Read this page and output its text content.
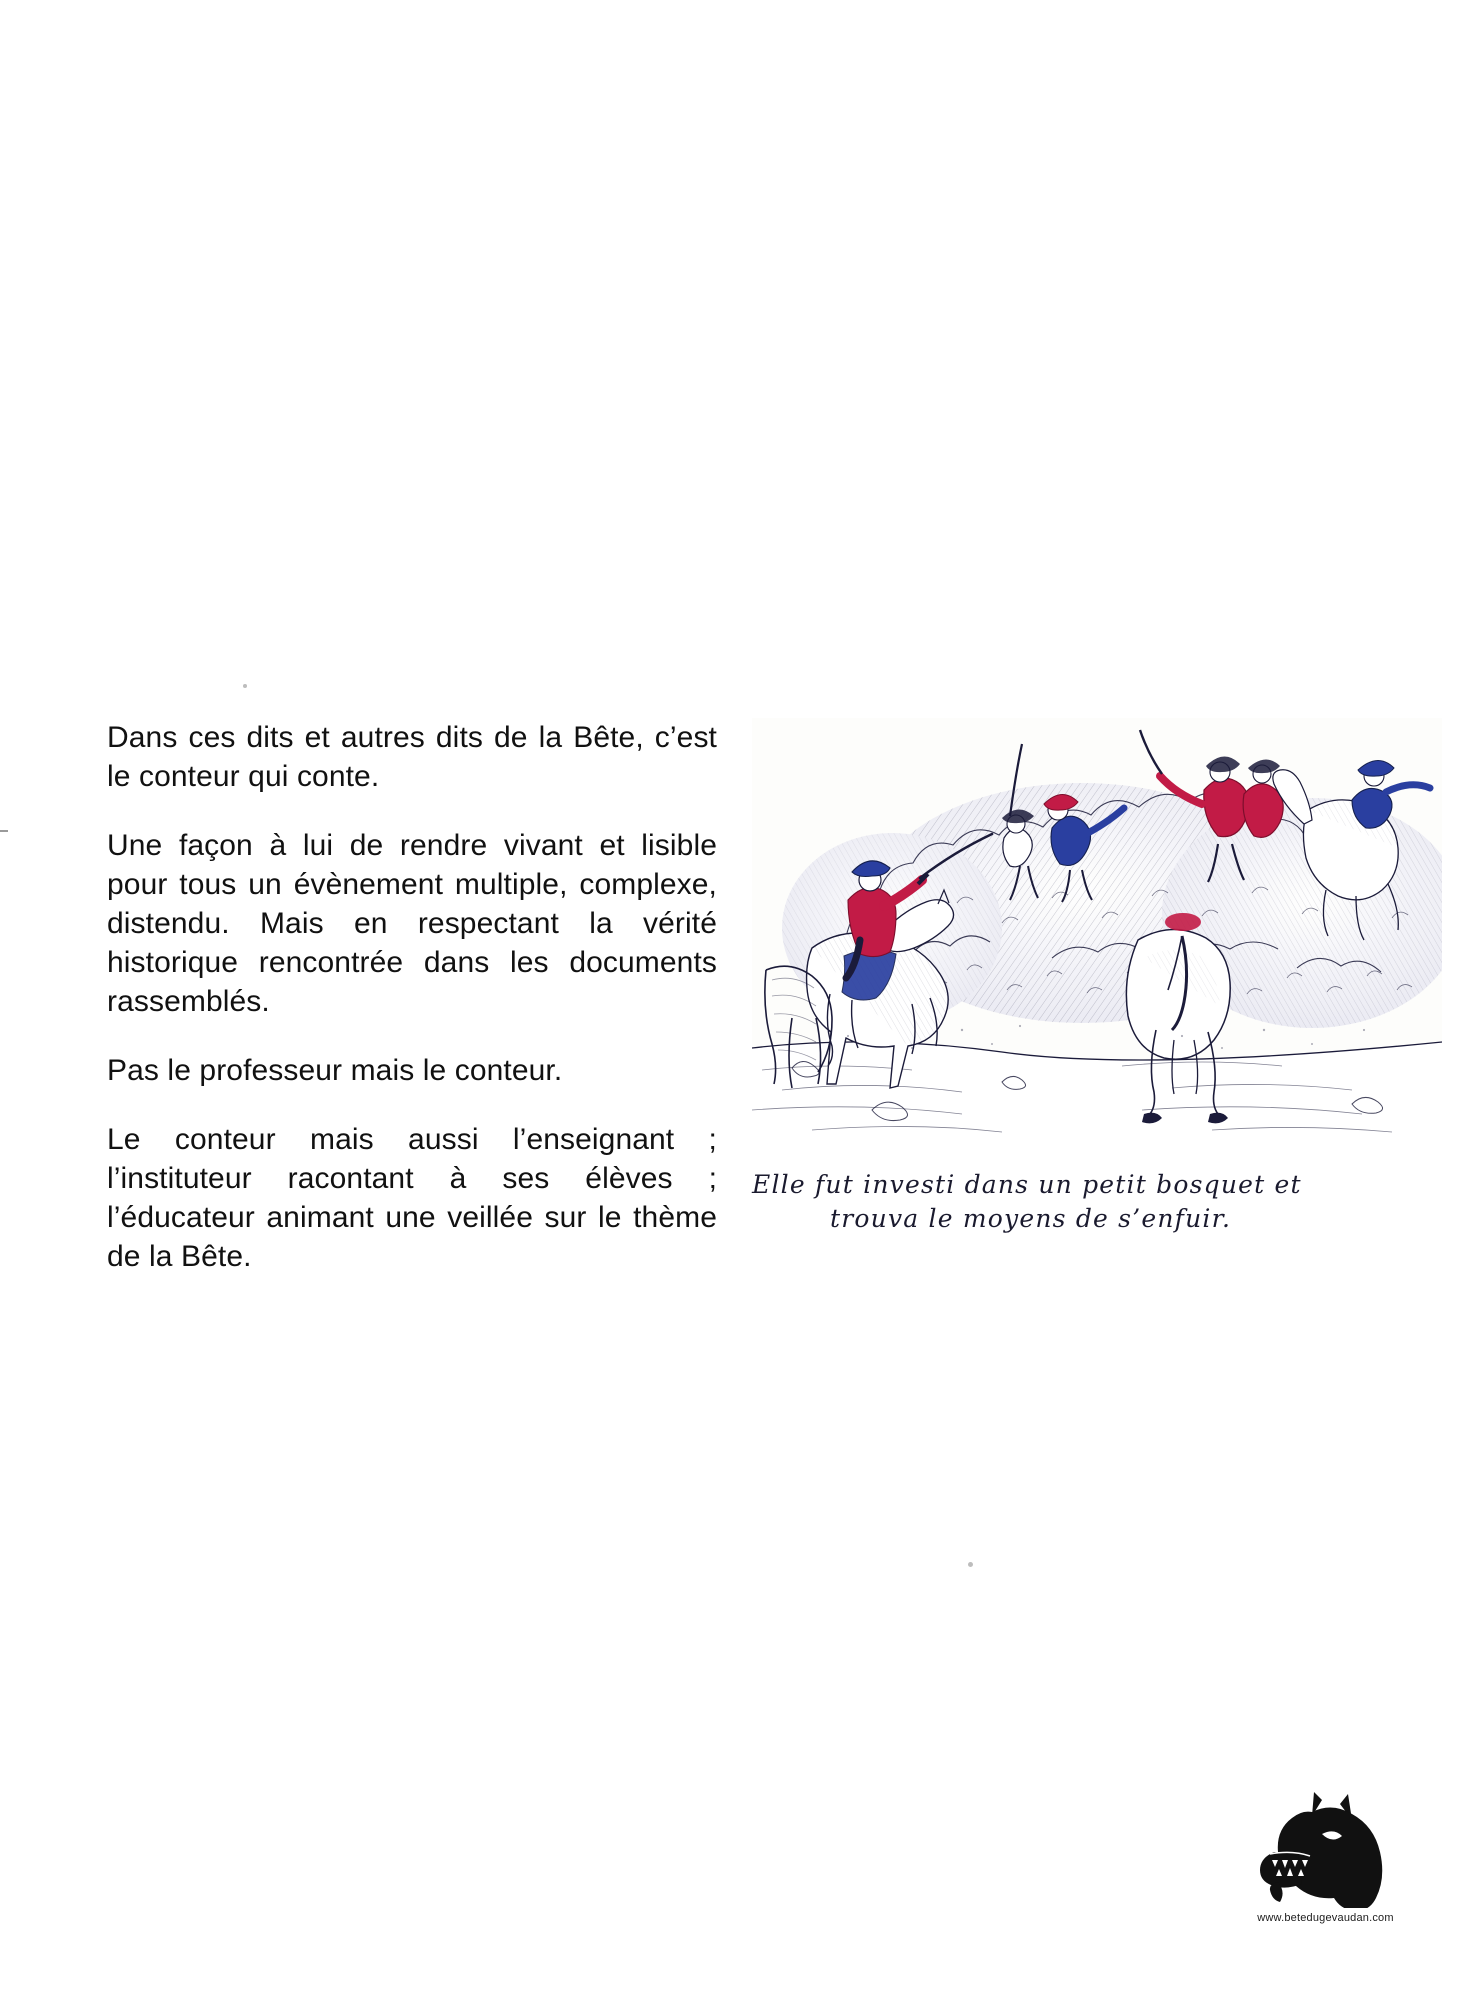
Dans ces dits et autres dits de la Bête, c’est le conteur qui conte.

Une façon à lui de rendre vivant et lisible pour tous un évènement multiple, complexe, distendu. Mais en respectant la vérité historique rencontrée dans les documents rassemblés.

Pas le professeur mais le conteur.

Le conteur mais aussi l’enseignant ; l’instituteur racontant à ses élèves ; l’éducateur animant une veillée sur le thème de la Bête.

Elle fut investi dans un petit bosquet et
trouva le moyens de s’enfuir.
www.betedugevaudan.com
